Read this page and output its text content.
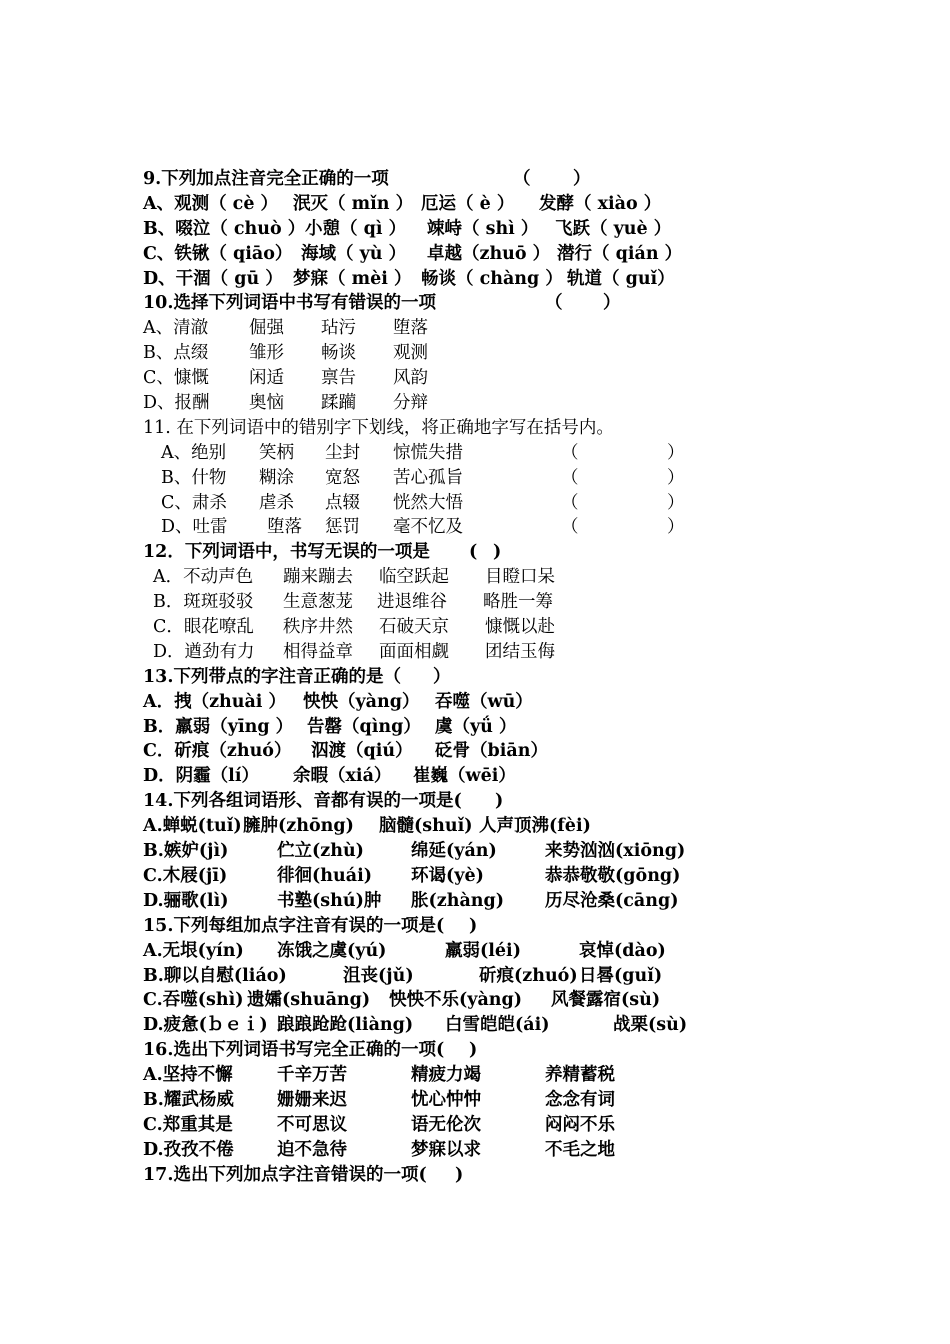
9.下列加点注音完全正确的一项	（ ）
A、观测（ cè ） 泯灭（ mǐn ） 厄运（ è ） 发酵（ xiào ）
B、啜泣（ chuò ） 小憩（ qì ） 竦峙（ shì ） 飞跃（ yuè ）
C、铁锹（ qiāo） 海域（ yù ） 卓越（zhuō ） 潜行（ qián ）
D、干涸（ gū ） 梦寐（ mèi ） 畅谈（ chàng ） 轨道（ guǐ）
10.选择下列词语中书写有错误的一项	（ ）
A、清澈 倔强 玷污 堕落
B、点缀 雏形 畅谈 观测
C、慷慨 闲适 禀告 风韵
D、报酬 奥恼 蹂躏 分辩
11. 在下列词语中的错别字下划线，将正确地字写在括号内。
A、绝别 笑柄 尘封 惊慌失措	（	）
B、什物 糊涂 宽怒 苦心孤旨	（	）
C、肃杀 虐杀 点辍 恍然大悟	（	）
D、吐雷 堕落 惩罚 毫不忆及	（	）
12．下列词语中，书写无误的一项是 ( )
A．不动声色 蹦来蹦去 临空跃起 目瞪口呆
B．斑斑驳驳 生意葱茏 进退维谷 略胜一筹
C．眼花嘹乱 秩序井然 石破天京 慷慨以赴
D．遒劲有力 相得益章 面面相觑 团结玉侮
13.下列带点的字注音正确的是（ ）
A．拽（zhuài ） 怏怏（yàng） 吞噬（wū）
B．羸弱（yīng ） 告罄（qìng） 虞（yǘ ）
C．斫痕（zhuó） 泅渡（qiú） 砭骨（biān）
D．阴霾（lí） 余暇（xiá） 崔巍（wēi）
14.下列各组词语形、音都有误的一项是( )
A.蝉蜕(tuǐ) 臃肿(zhōng) 脑髓(shuǐ) 人声顶沸(fèi)
B.嫉妒(jì)	伫立(zhù)	绵延(yán)	来势汹汹(xiōng)
C.木屐(jī)	徘徊(huái) 环谒(yè)	恭恭敬敬(gōng)
D.骊歌(lì)	书塾(shú)肿 胀(zhàng) 历尽沧桑(cāng)
15.下列每组加点字注音有误的一项是( )
A.无垠(yín) 冻饿之虞(yú)	羸弱(léi)	哀悼(dào)
B.聊以自慰(liáo)	沮丧(jǔ)	斫痕(zhuó) 日晷(guǐ)
C.吞噬(shì) 遗孀(shuāng) 怏怏不乐(yàng) 风餐露宿(sù)
D.疲惫(ｂｅｉ) 踉踉跄跄(liàng) 白雪皑皑(ái)	战栗(sù)
16.选出下列词语书写完全正确的一项( )
A.坚持不懈	千辛万苦	精疲力竭	养精蓄税
B.耀武杨威 姗姗来迟	忧心忡忡	念念有词
C.郑重其是	不可思议	语无伦次	闷闷不乐
D.孜孜不倦 迫不急待	梦寐以求	不毛之地
17.选出下列加点字注音错误的一项( )
